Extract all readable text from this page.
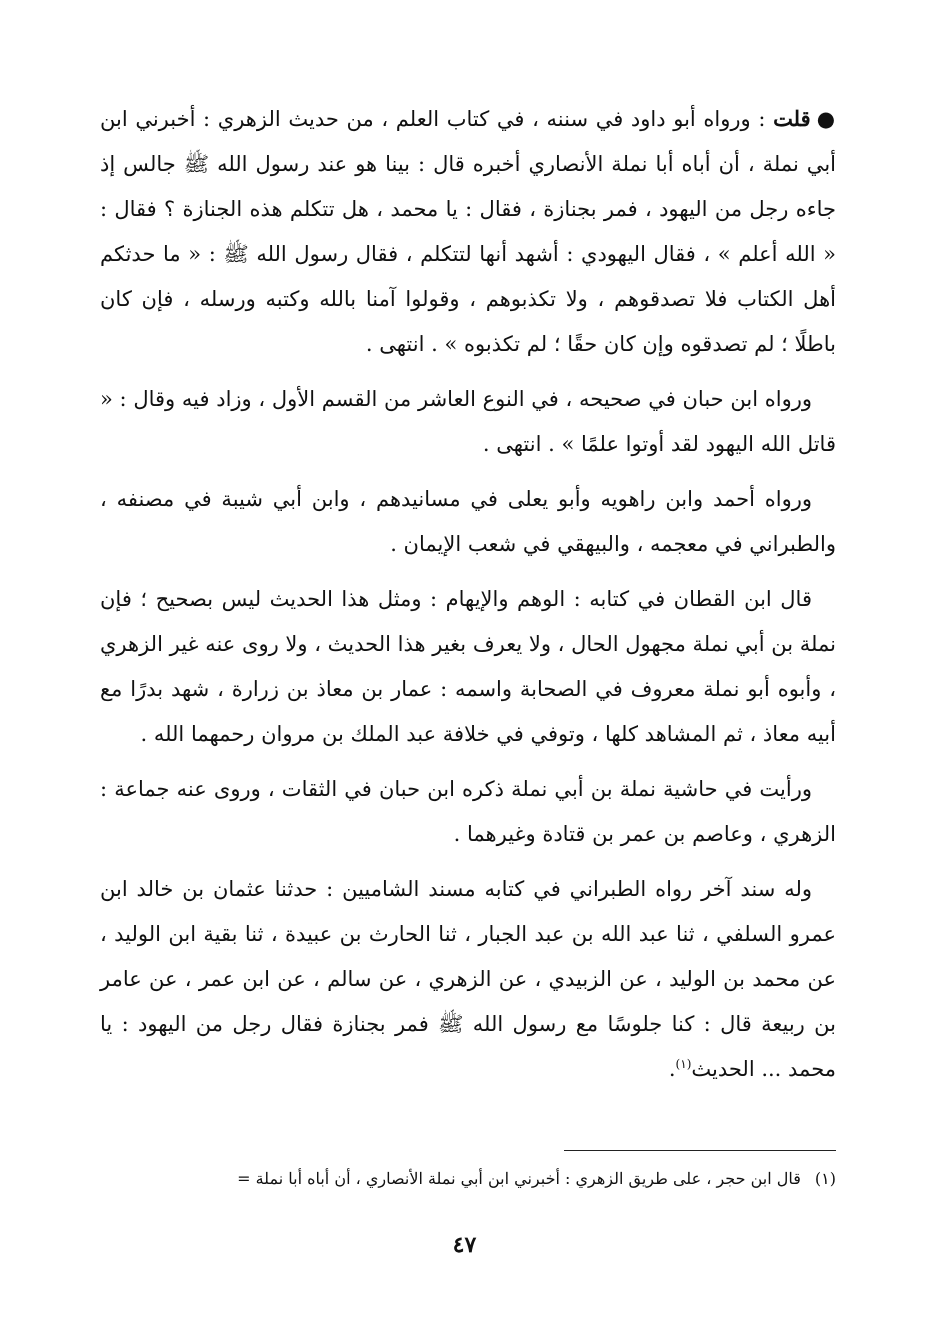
●قلت : ورواه أبو داود في سننه ، في كتاب العلم ، من حديث الزهري : أخبرني ابن أبي نملة ، أن أباه أبا نملة الأنصاري أخبره قال : بينا هو عند رسول الله ﷺ جالس إذ جاءه رجل من اليهود ، فمر بجنازة ، فقال : يا محمد ، هل تتكلم هذه الجنازة ؟ فقال : « الله أعلم » ، فقال اليهودي : أشهد أنها لتتكلم ، فقال رسول الله ﷺ : « ما حدثكم أهل الكتاب فلا تصدقوهم ، ولا تكذبوهم ، وقولوا آمنا بالله وكتبه ورسله ، فإن كان باطلًا ؛ لم تصدقوه وإن كان حقًا ؛ لم تكذبوه » . انتهى .

ورواه ابن حبان في صحيحه ، في النوع العاشر من القسم الأول ، وزاد فيه وقال : « قاتل الله اليهود لقد أوتوا علمًا » . انتهى .

ورواه أحمد وابن راهويه وأبو يعلى في مسانيدهم ، وابن أبي شيبة في مصنفه ، والطبراني في معجمه ، والبيهقي في شعب الإيمان .

قال ابن القطان في كتابه : الوهم والإيهام : ومثل هذا الحديث ليس بصحيح ؛ فإن نملة بن أبي نملة مجهول الحال ، ولا يعرف بغير هذا الحديث ، ولا روى عنه غير الزهري ، وأبوه أبو نملة معروف في الصحابة واسمه : عمار بن معاذ بن زرارة ، شهد بدرًا مع أبيه معاذ ، ثم المشاهد كلها ، وتوفي في خلافة عبد الملك بن مروان رحمهما الله .

ورأيت في حاشية نملة بن أبي نملة ذكره ابن حبان في الثقات ، وروى عنه جماعة : الزهري ، وعاصم بن عمر بن قتادة وغيرهما .

وله سند آخر رواه الطبراني في كتابه مسند الشاميين : حدثنا عثمان بن خالد ابن عمرو السلفي ، ثنا عبد الله بن عبد الجبار ، ثنا الحارث بن عبيدة ، ثنا بقية ابن الوليد ، عن محمد بن الوليد ، عن الزبيدي ، عن الزهري ، عن سالم ، عن ابن عمر ، عن عامر بن ربيعة قال : كنا جلوسًا مع رسول الله ﷺ فمر بجنازة فقال رجل من اليهود : يا محمد ... الحديث$^{(١)}$.

(١)قال ابن حجر ، على طريق الزهري : أخبرني ابن أبي نملة الأنصاري ، أن أباه أبا نملة =
٤٧
